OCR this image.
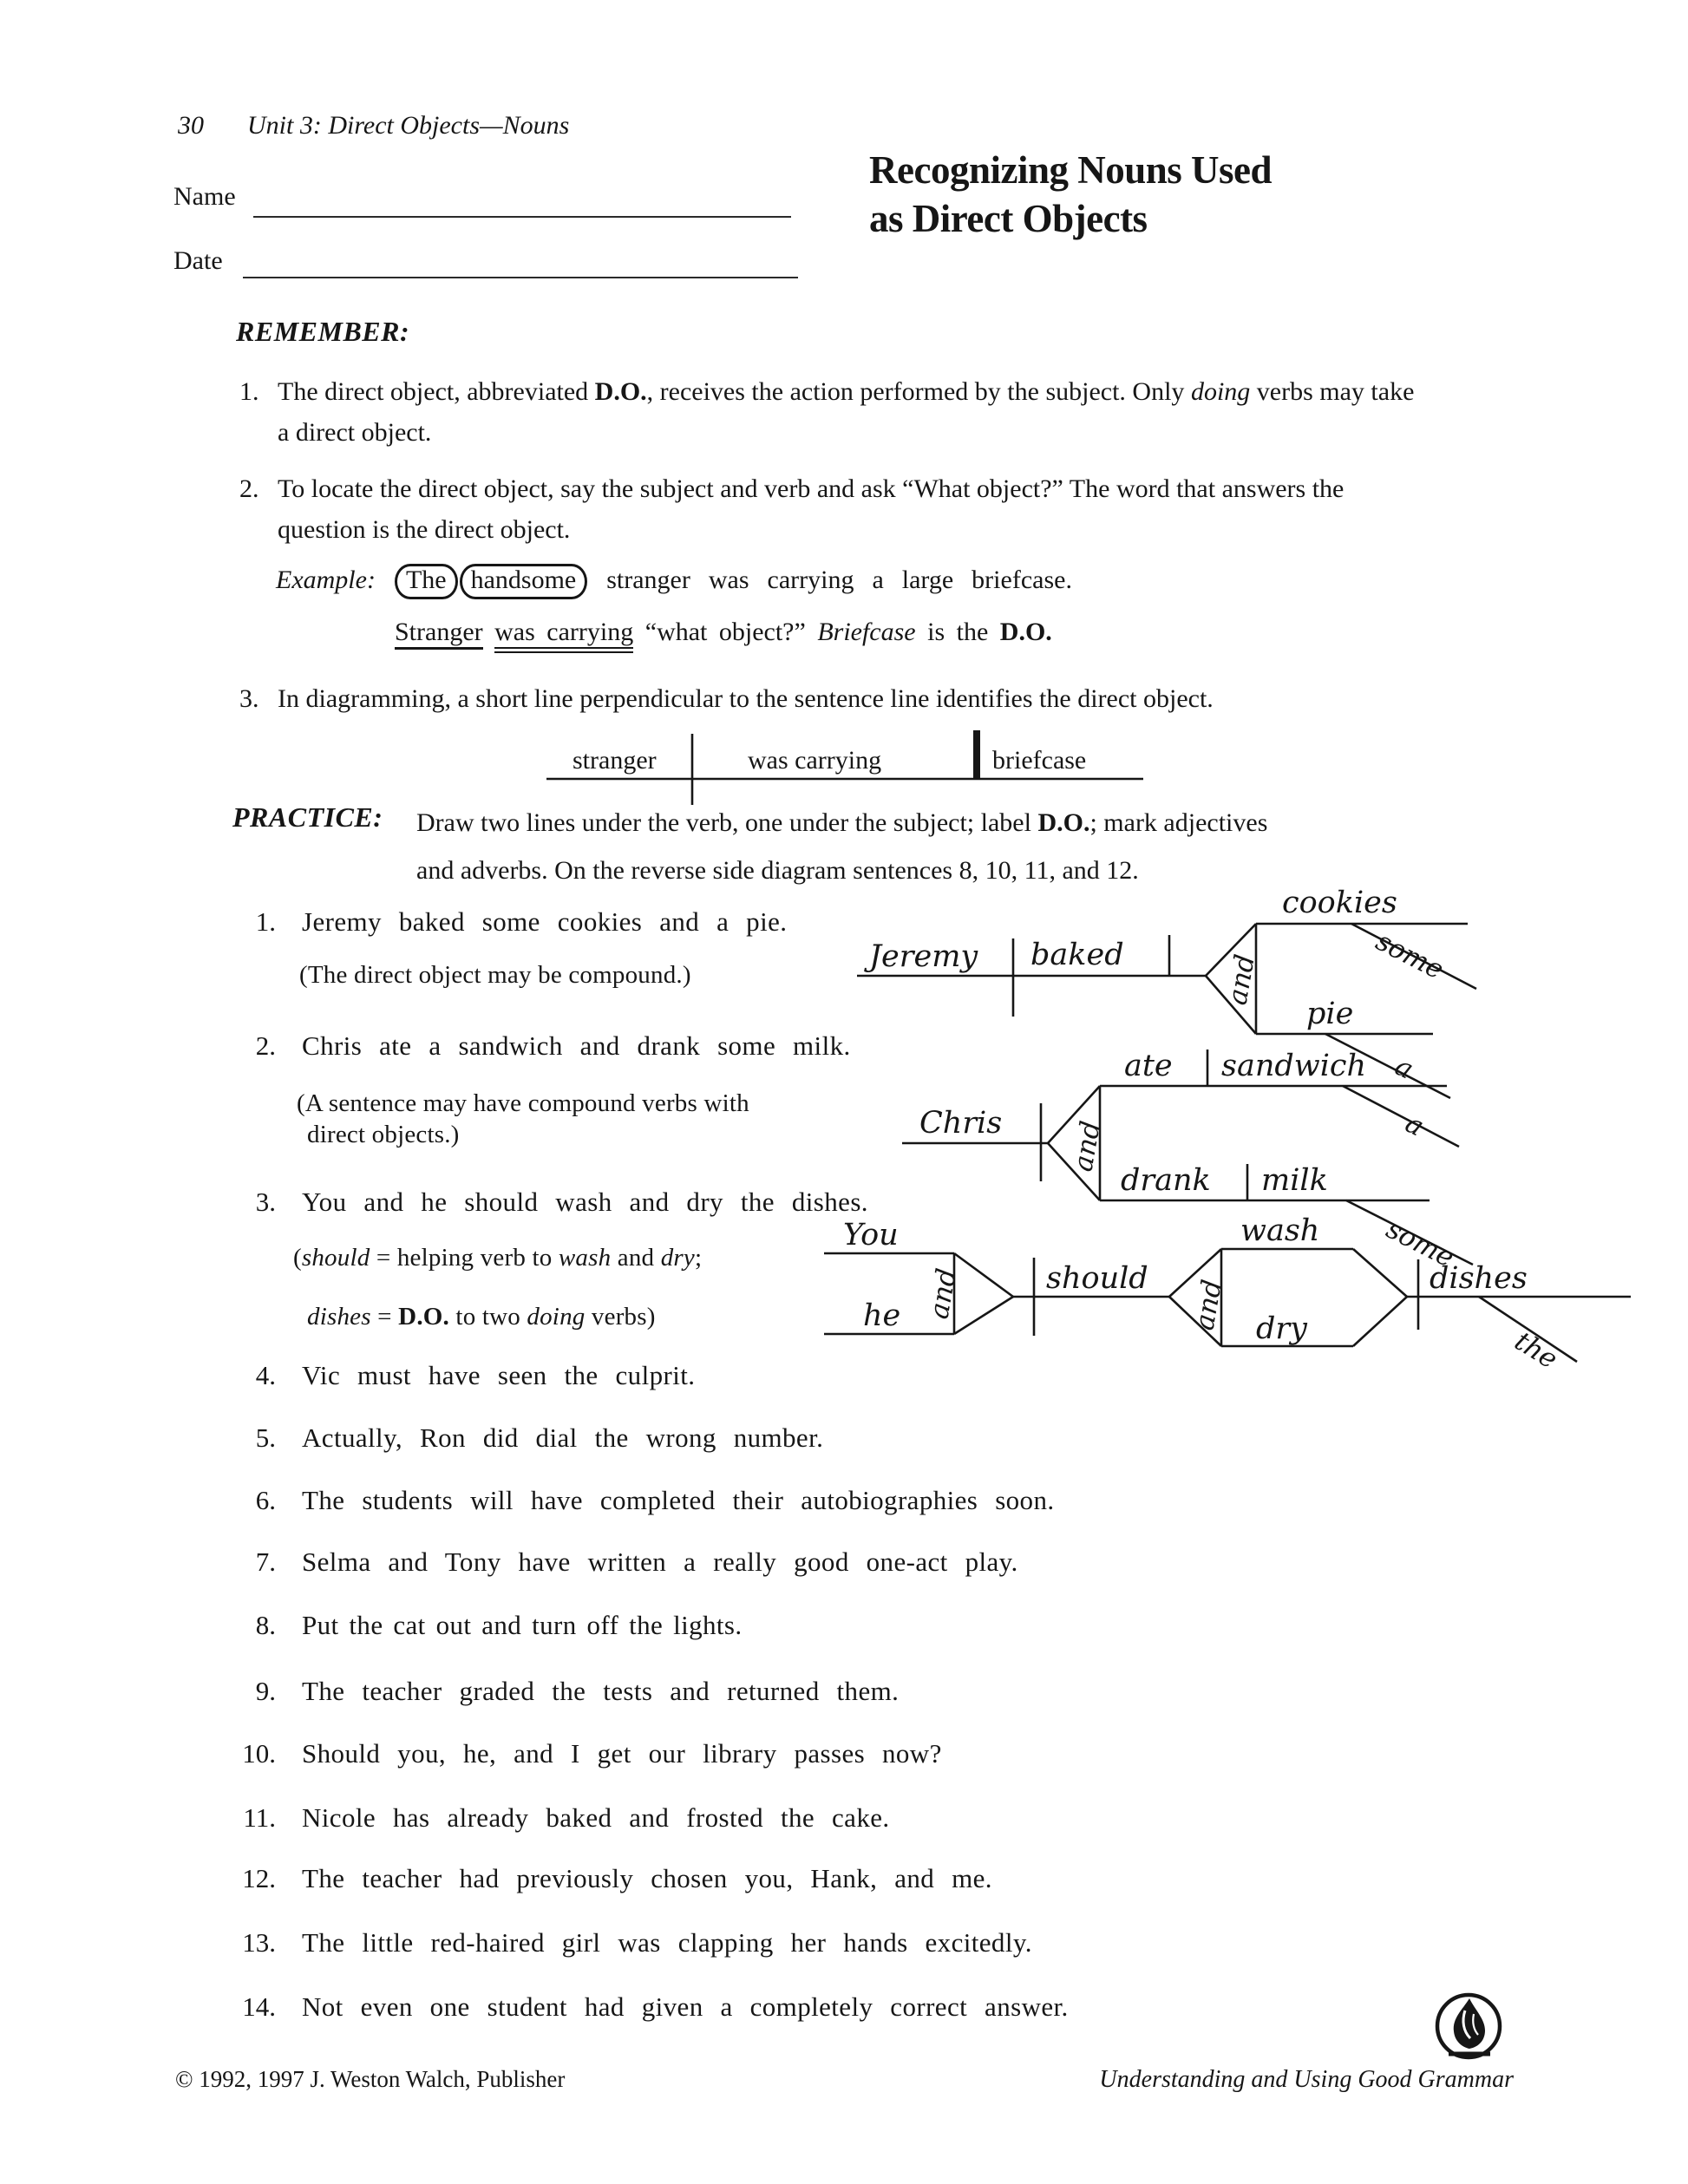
30 Unit 3: Direct Objects—Nouns
Name
Date
Recognizing Nouns Used
as Direct Objects
REMEMBER:
1. The direct object, abbreviated D.O., receives the action performed by the subject. Only doing verbs may take a direct object.
2. To locate the direct object, say the subject and verb and ask “What object?” The word that answers the question is the direct object.
Example: The handsome stranger was carrying a large briefcase.
Stranger was carrying “what object?” Briefcase is the D.O.
3. In diagramming, a short line perpendicular to the sentence line identifies the direct object.
PRACTICE: Draw two lines under the verb, one under the subject; label D.O.; mark adjectives
and adverbs. On the reverse side diagram sentences 8, 10, 11, and 12.
1. Jeremy baked some cookies and a pie.
(The direct object may be compound.)
2. Chris ate a sandwich and drank some milk.
(A sentence may have compound verbs with
direct objects.)
3. You and he should wash and dry the dishes.
(should = helping verb to wash and dry;
dishes = D.O. to two doing verbs)
4. Vic must have seen the culprit.
5. Actually, Ron did dial the wrong number.
6. The students will have completed their autobiographies soon.
7. Selma and Tony have written a really good one-act play.
8. Put the cat out and turn off the lights.
9. The teacher graded the tests and returned them.
10. Should you, he, and I get our library passes now?
11. Nicole has already baked and frosted the cake.
12. The teacher had previously chosen you, Hank, and me.
13. The little red-haired girl was clapping her hands excitedly.
14. Not even one student had given a completely correct answer.
© 1992, 1997 J. Weston Walch, Publisher	Understanding and Using Good Grammar
stranger	was carrying	briefcase
Jeremy baked	and
cookies
some
pie
a
Chris and
ate sandwich
a
drank milk
some
You
he and	should
wash
dry
and	dishes
the
